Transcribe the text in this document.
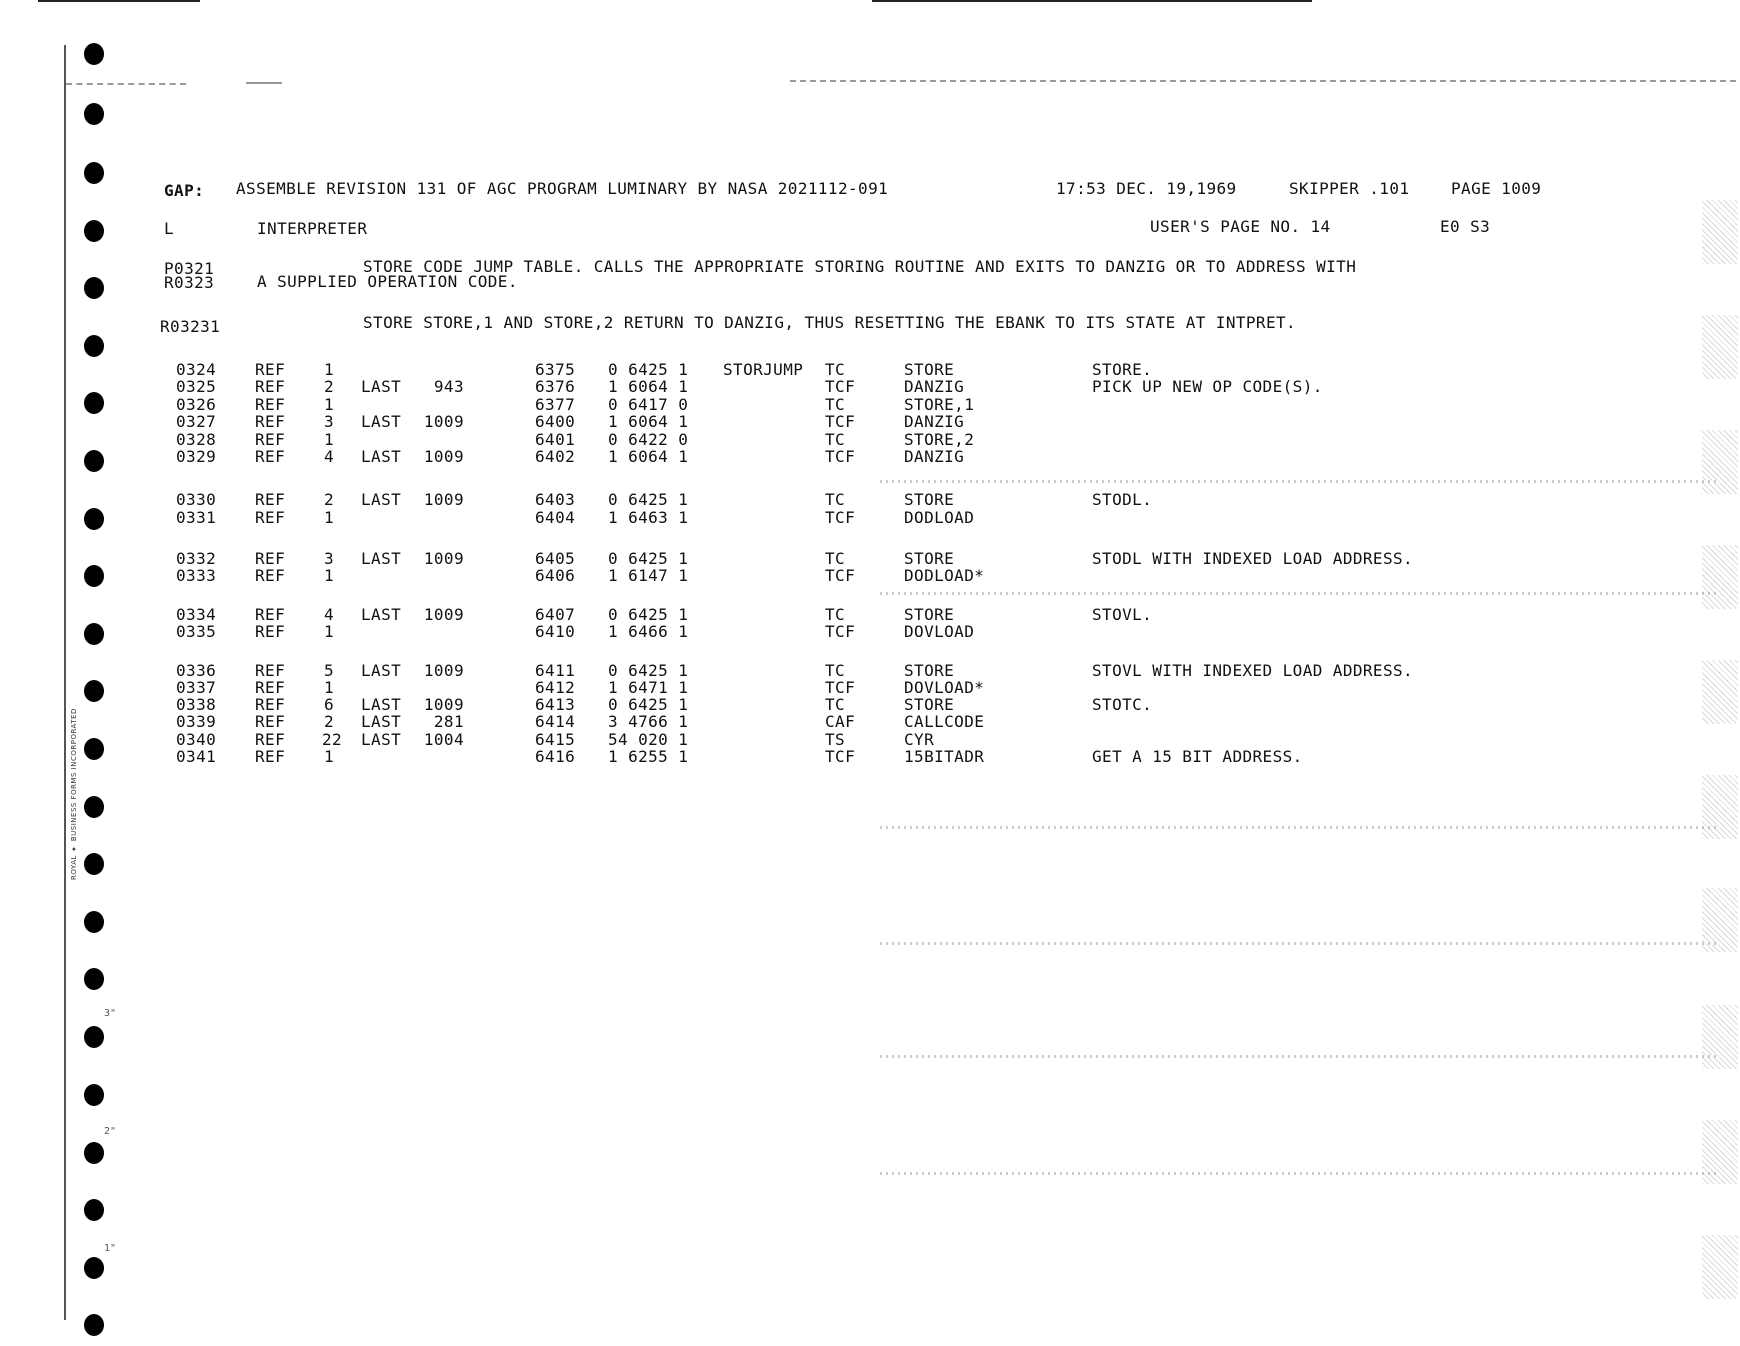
ROYAL ✦ BUSINESS FORMS INCORPORATED
3"
2"
1"
GAP: ASSEMBLE REVISION 131 OF AGC PROGRAM LUMINARY BY NASA 2021112-091	17:53 DEC. 19,1969	SKIPPER .101	PAGE 1009
L	INTERPRETER	USER'S PAGE NO. 14	E0 S3
P0321	STORE CODE JUMP TABLE. CALLS THE APPROPRIATE STORING ROUTINE AND EXITS TO DANZIG OR TO ADDRESS WITH
R0323	A SUPPLIED OPERATION CODE.
R03231	STORE STORE,1 AND STORE,2 RETURN TO DANZIG, THUS RESETTING THE EBANK TO ITS STATE AT INTPRET.
0324 REF 1	6375 0 6425 1 STORJUMP TC	STORE	STORE.
0325 REF 2 LAST	943	6376 1 6064 1	TCF	DANZIG	PICK UP NEW OP CODE(S).
0326 REF 1	6377 0 6417 0	TC	STORE,1
0327 REF 3 LAST	1009	6400 1 6064 1	TCF	DANZIG
0328 REF 1	6401 0 6422 0	TC	STORE,2
0329 REF 4 LAST	1009	6402 1 6064 1	TCF	DANZIG
0330 REF 2 LAST	1009	6403 0 6425 1	TC	STORE	STODL.
0331 REF 1	6404 1 6463 1	TCF	DODLOAD
0332 REF 3 LAST	1009	6405 0 6425 1	TC	STORE	STODL WITH INDEXED LOAD ADDRESS.
0333 REF 1	6406 1 6147 1	TCF	DODLOAD*
0334 REF 4 LAST	1009	6407 0 6425 1	TC	STORE	STOVL.
0335 REF 1	6410 1 6466 1	TCF	DOVLOAD
0336 REF 5 LAST	1009	6411 0 6425 1	TC	STORE	STOVL WITH INDEXED LOAD ADDRESS.
0337 REF 1	6412 1 6471 1	TCF	DOVLOAD*
0338 REF 6 LAST	1009	6413 0 6425 1	TC	STORE	STOTC.
0339 REF 2 LAST	281	6414 3 4766 1	CAF	CALLCODE
0340 REF 22 LAST	1004	6415 54 020 1	TS	CYR
0341 REF 1	6416 1 6255 1	TCF	15BITADR	GET A 15 BIT ADDRESS.
